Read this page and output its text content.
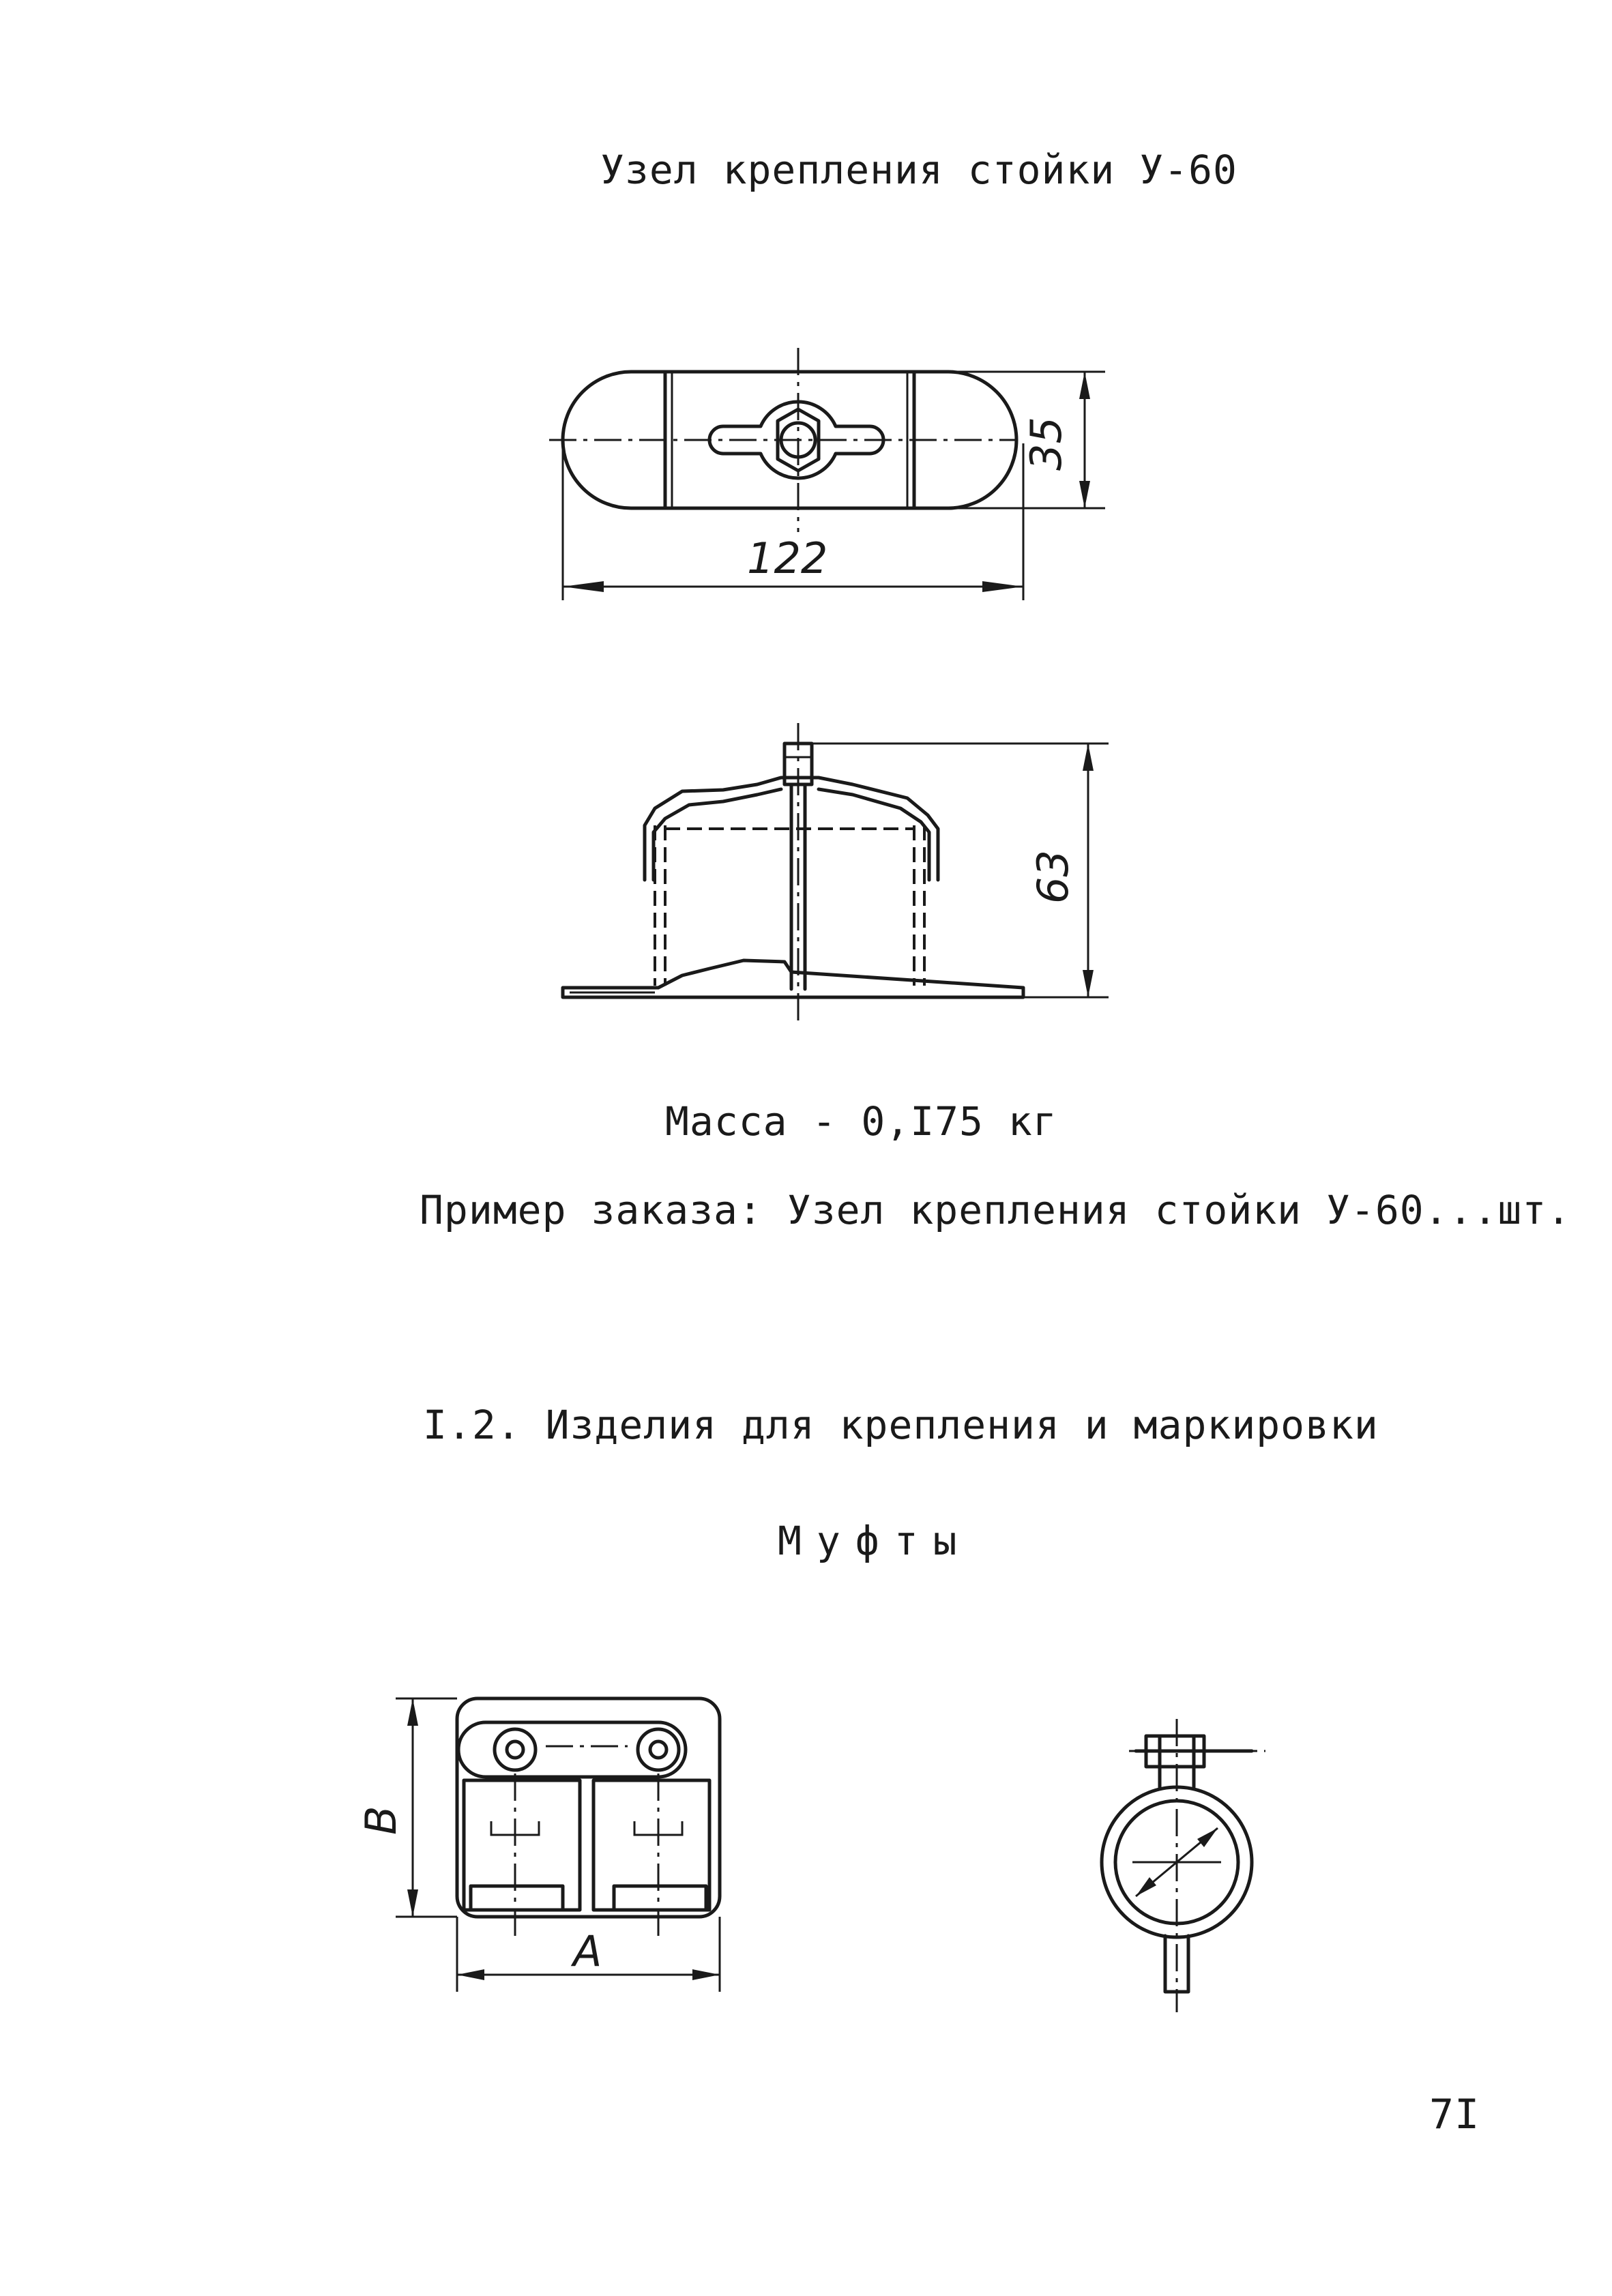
Узел крепления стойки У-60
35
122
63
B
A
Масса - 0,I75 кг
Пример заказа: Узел крепления стойки У-60...шт.
I.2. Изделия для крепления и маркировки
Муфты
7I
